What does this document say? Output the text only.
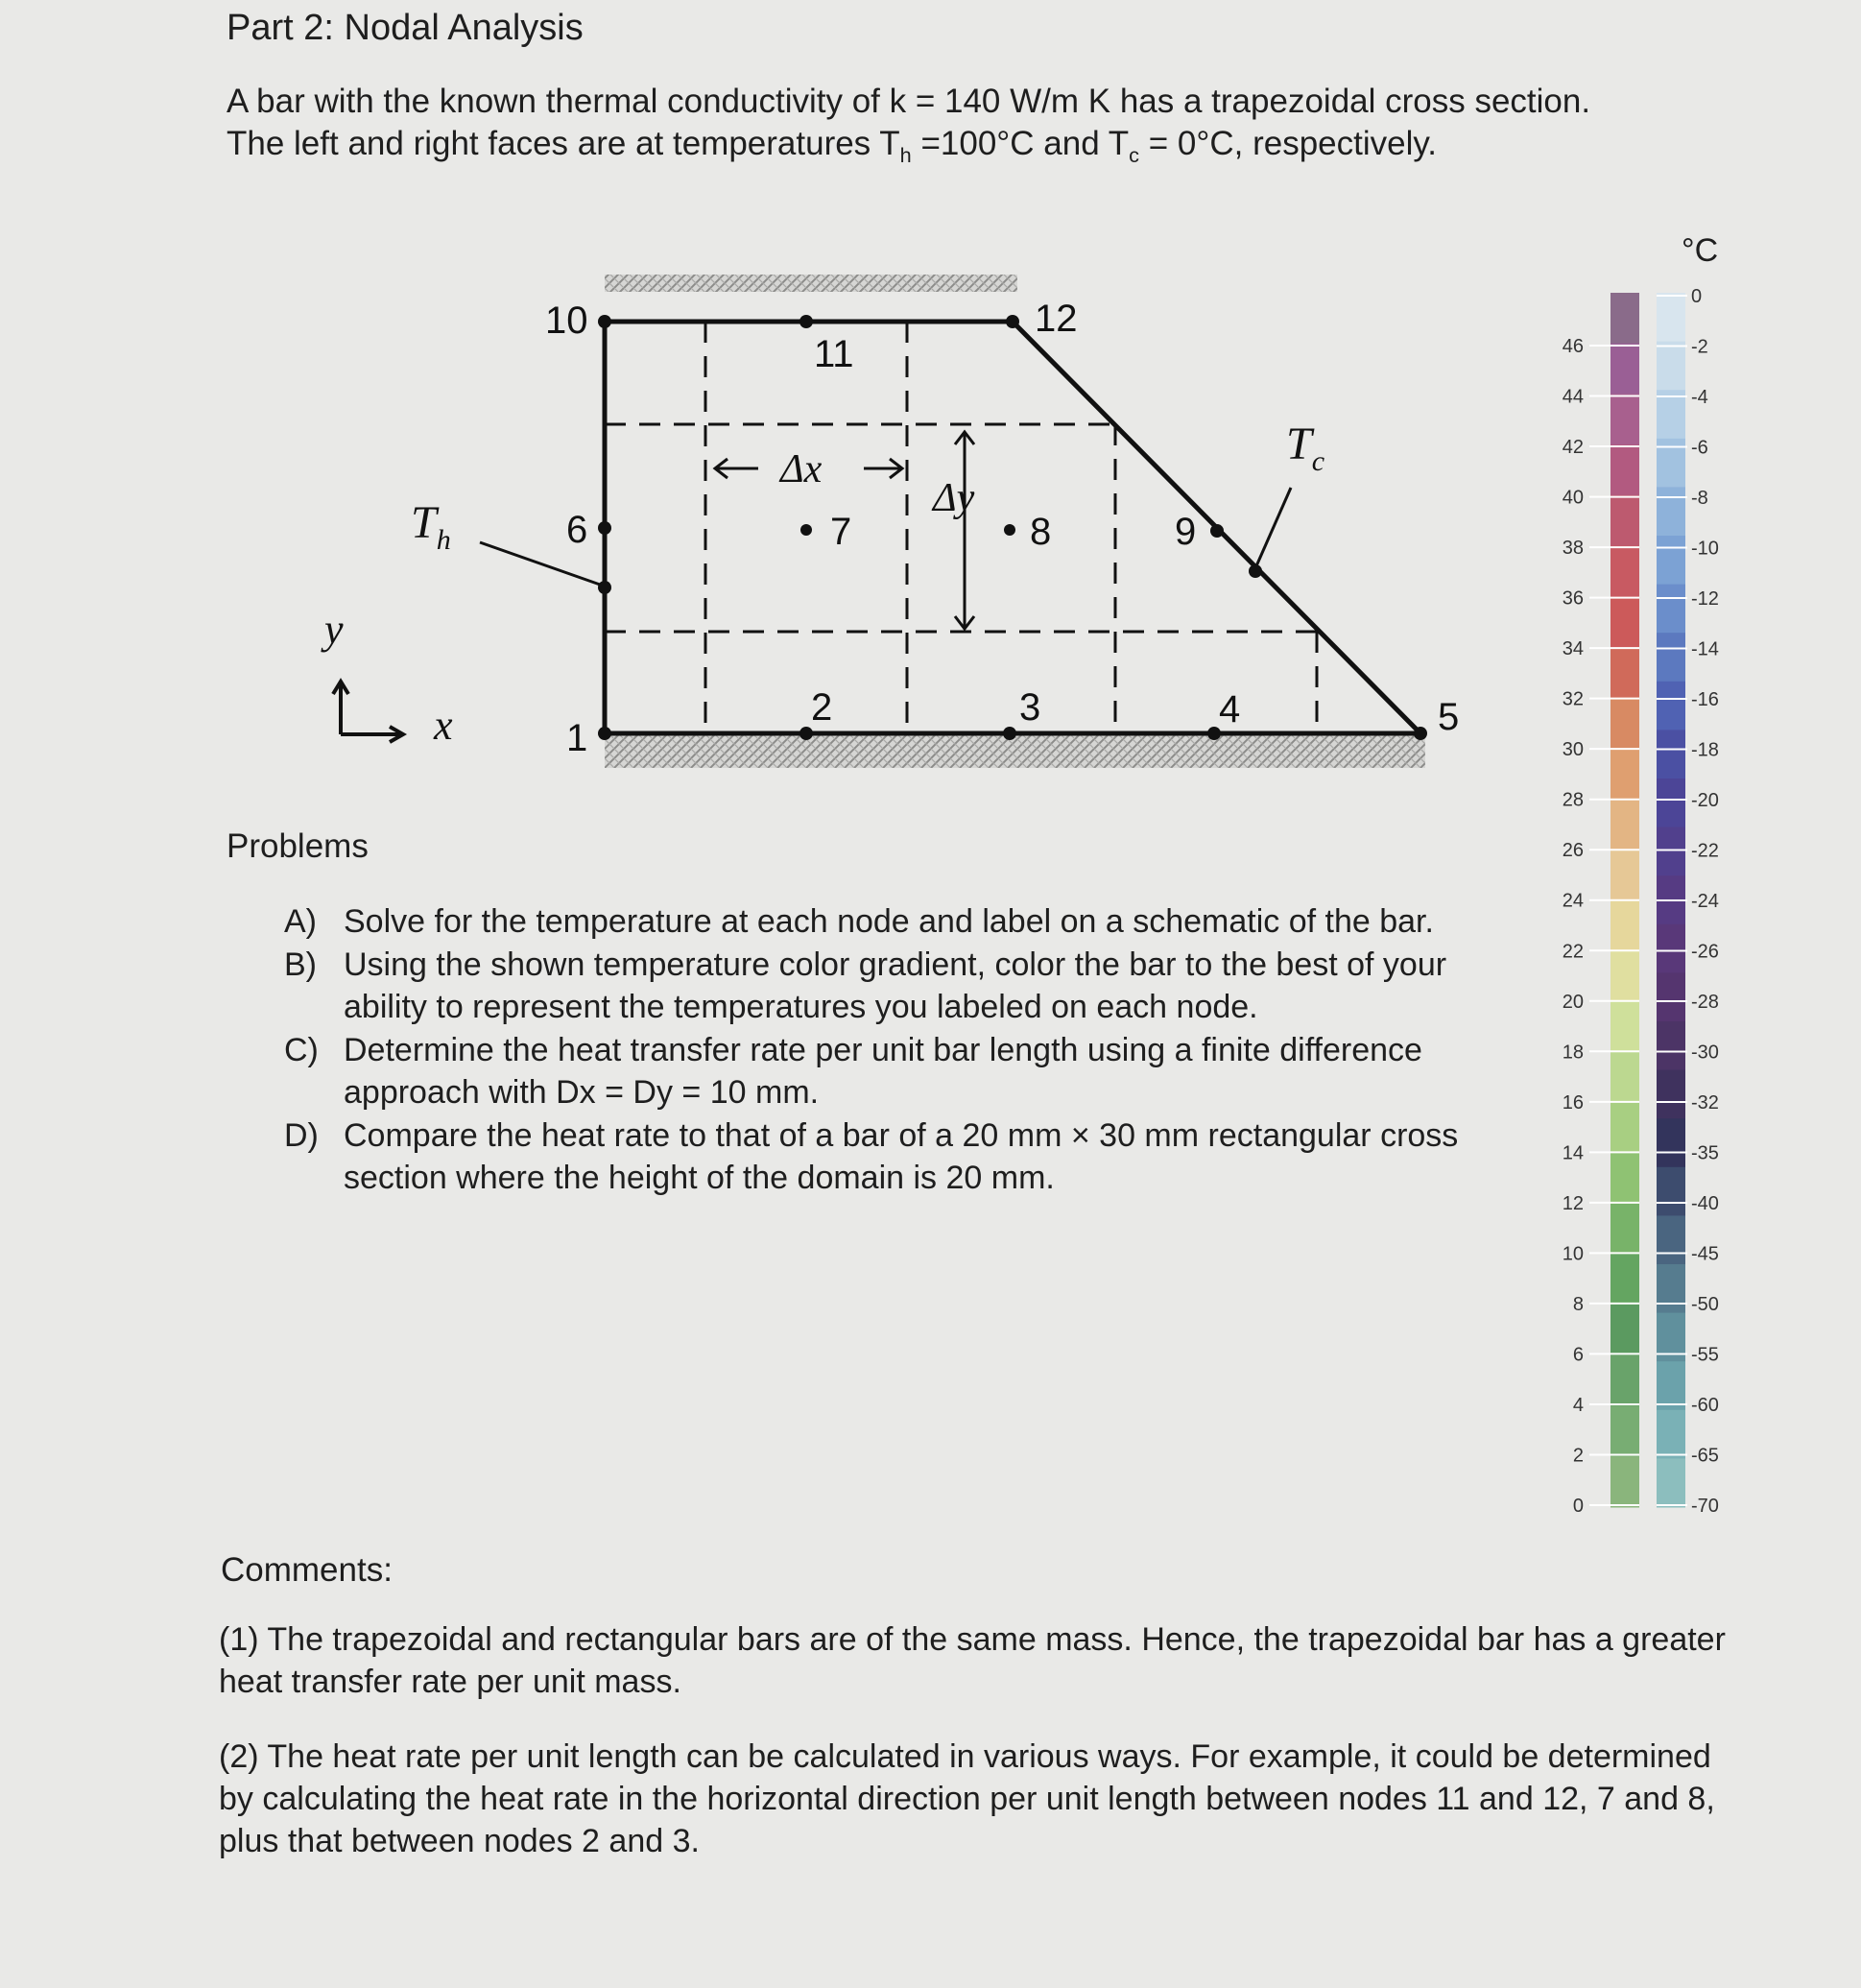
Part 2: Nodal Analysis
A bar with the known thermal conductivity of k = 140 W/m K has a trapezoidal cross section.
The left and right faces are at temperatures $T_h =100^\circ C$ and $T_c = 0^\circ C$, respectively.
1
2	3	4	5
6	7	8	9
10
11
12
Δx
Δy
$T_h$
$T_c$
y
x
°C
46
44
42
40
38
36
34
32
30
28
26
24
22
20
18
16
14
12
10
8
6
4
2
0
0
-2
-4
-6
-8
-10
-12
-14
-16
-18
-20
-22
-24
-26
-28
-30
-32
-35
-40
-45
-50
-55
-60
-65
-70
Problems
A) Solve for the temperature at each node and label on a schematic of the bar.
B) Using the shown temperature color gradient, color the bar to the best of your ability to represent the temperatures you labeled on each node.
C) Determine the heat transfer rate per unit bar length using a finite difference approach with Dx = Dy = 10 mm.
D) Compare the heat rate to that of a bar of a 20 mm × 30 mm rectangular cross section where the height of the domain is 20 mm.
Comments:
(1) The trapezoidal and rectangular bars are of the same mass. Hence, the trapezoidal bar has a greater heat transfer rate per unit mass.
(2) The heat rate per unit length can be calculated in various ways. For example, it could be determined by calculating the heat rate in the horizontal direction per unit length between nodes 11 and 12, 7 and 8, plus that between nodes 2 and 3.
